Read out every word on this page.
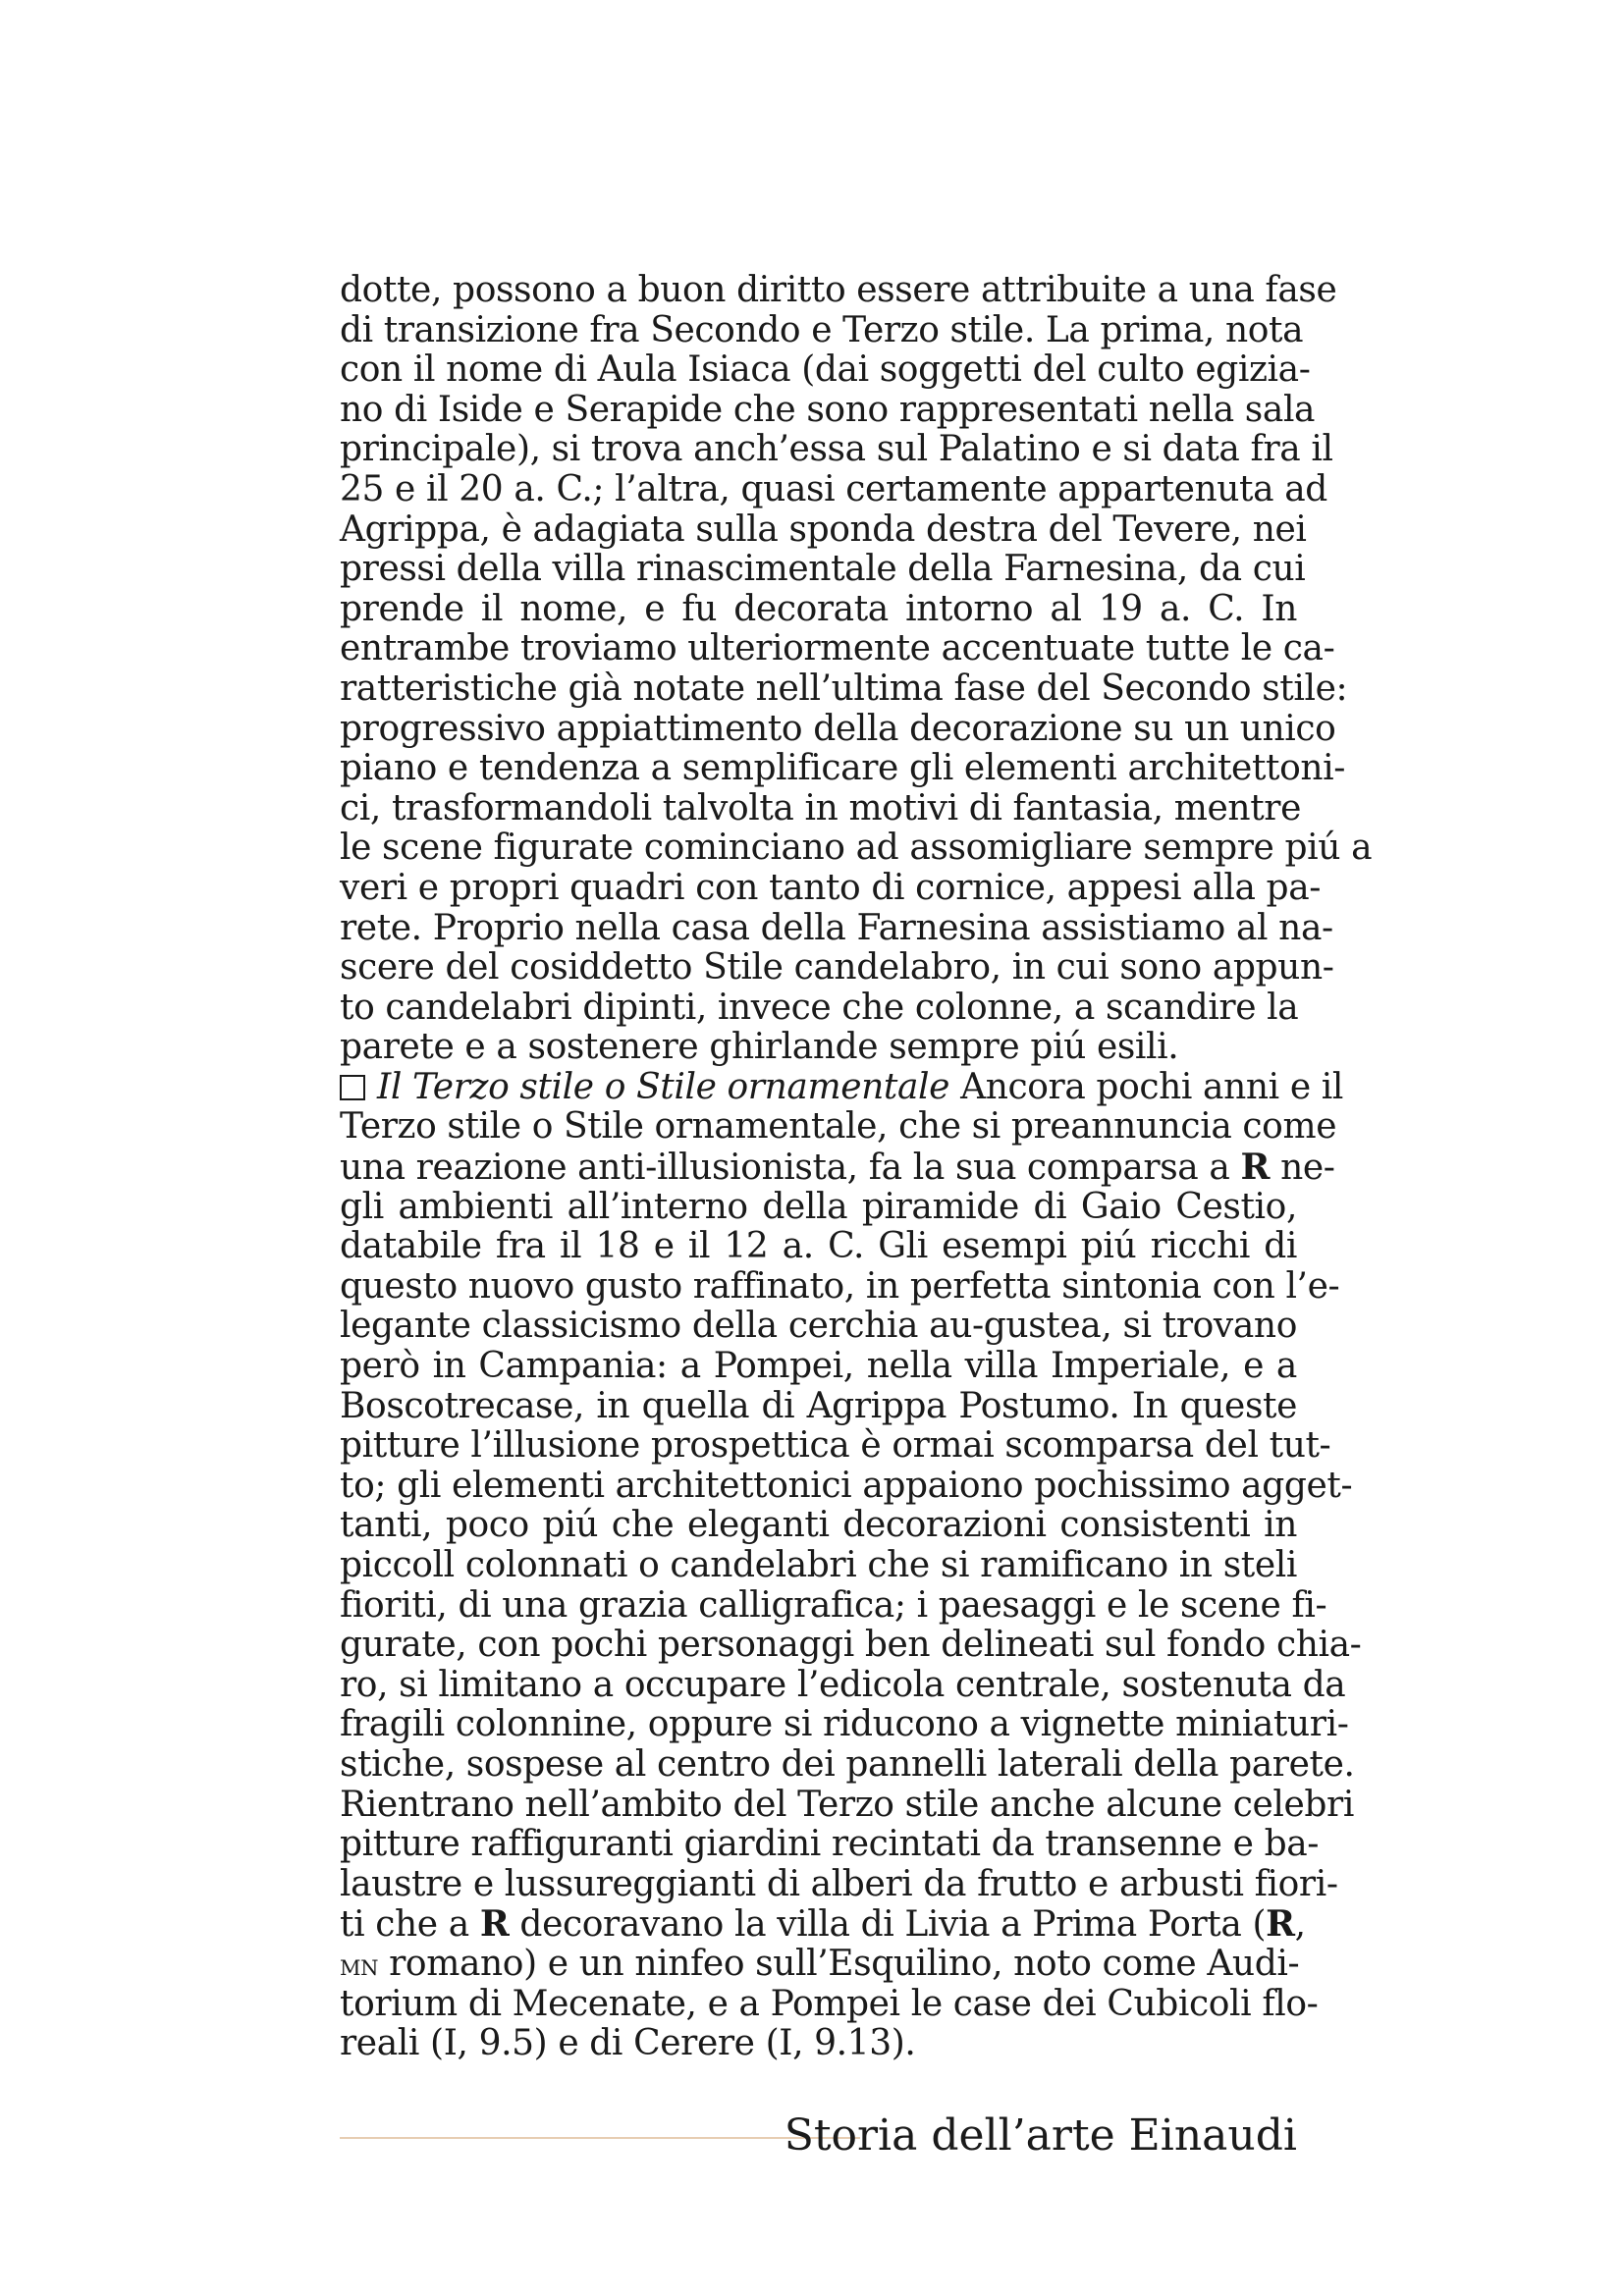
dotte, possono a buon diritto essere attribuite a una fase
di transizione fra Secondo e Terzo stile. La prima, nota
con il nome di Aula Isiaca (dai soggetti del culto egizia-
no di Iside e Serapide che sono rappresentati nella sala
principale), si trova anch’essa sul Palatino e si data fra il
25 e il 20 a. C.; l’altra, quasi certamente appartenuta ad
Agrippa, è adagiata sulla sponda destra del Tevere, nei
pressi della villa rinascimentale della Farnesina, da cui
prende il nome, e fu decorata intorno al 19 a. C. In
entrambe troviamo ulteriormente accentuate tutte le ca-
ratteristiche già notate nell’ultima fase del Secondo stile:
progressivo appiattimento della decorazione su un unico
piano e tendenza a semplificare gli elementi architettoni-
ci, trasformandoli talvolta in motivi di fantasia, mentre
le scene figurate cominciano ad assomigliare sempre piú a
veri e propri quadri con tanto di cornice, appesi alla pa-
rete. Proprio nella casa della Farnesina assistiamo al na-
scere del cosiddetto Stile candelabro, in cui sono appun-
to candelabri dipinti, invece che colonne, a scandire la
parete e a sostenere ghirlande sempre piú esili.
Il Terzo stile o Stile ornamentale Ancora pochi anni e il
Terzo stile o Stile ornamentale, che si preannuncia come
una reazione anti-illusionista, fa la sua comparsa a R ne-
gli ambienti all’interno della piramide di Gaio Cestio,
databile fra il 18 e il 12 a. C. Gli esempi piú ricchi di
questo nuovo gusto raffinato, in perfetta sintonia con l’e-
legante classicismo della cerchia au-gustea, si trovano
però in Campania: a Pompei, nella villa Imperiale, e a
Boscotrecase, in quella di Agrippa Postumo. In queste
pitture l’illusione prospettica è ormai scomparsa del tut-
to; gli elementi architettonici appaiono pochissimo agget-
tanti, poco piú che eleganti decorazioni consistenti in
piccoll colonnati o candelabri che si ramificano in steli
fioriti, di una grazia calligrafica; i paesaggi e le scene fi-
gurate, con pochi personaggi ben delineati sul fondo chia-
ro, si limitano a occupare l’edicola centrale, sostenuta da
fragili colonnine, oppure si riducono a vignette miniaturi-
stiche, sospese al centro dei pannelli laterali della parete.
Rientrano nell’ambito del Terzo stile anche alcune celebri
pitture raffiguranti giardini recintati da transenne e ba-
laustre e lussureggianti di alberi da frutto e arbusti fiori-
ti che a R decoravano la villa di Livia a Prima Porta (R,
mn romano) e un ninfeo sull’Esquilino, noto come Audi-
torium di Mecenate, e a Pompei le case dei Cubicoli flo-
reali (I, 9.5) e di Cerere (I, 9.13).
Storia dell’arte Einaudi
